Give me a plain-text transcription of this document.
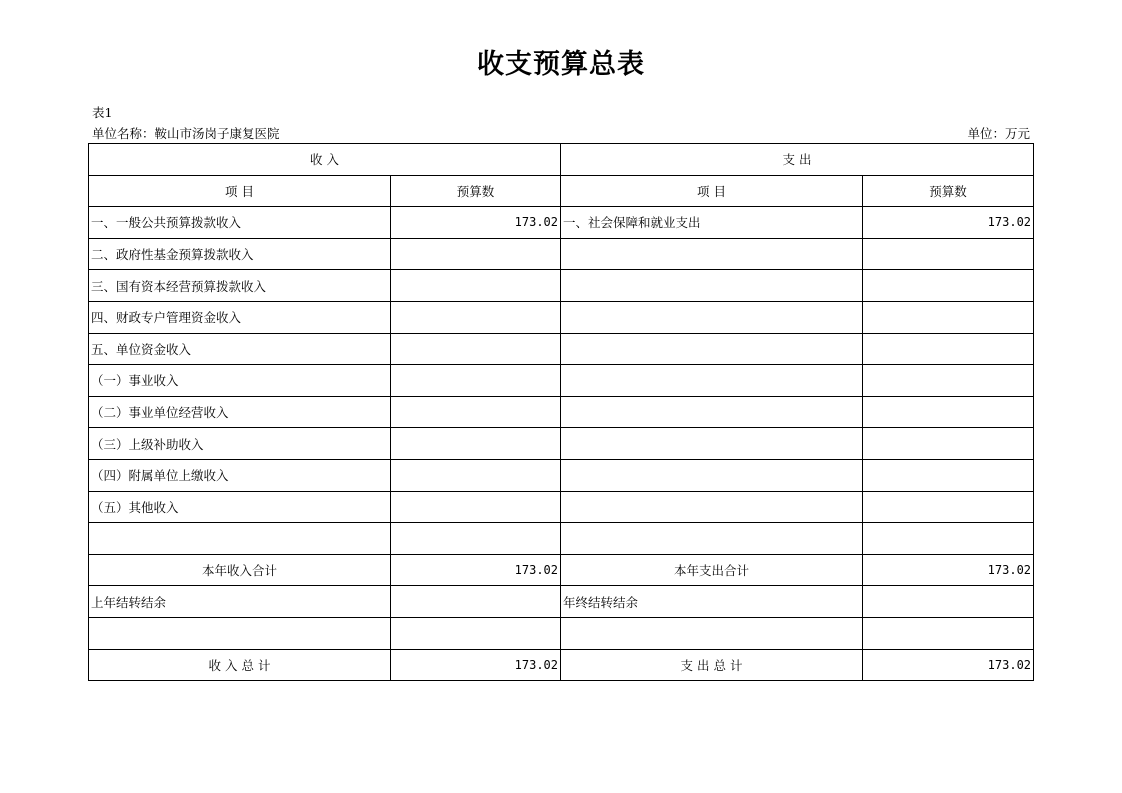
收支预算总表
表1
单位名称：鞍山市汤岗子康复医院	单位：万元
收 入		支 出	
项 目	预算数	项 目	预算数
一、一般公共预算拨款收入	173.02	一、社会保障和就业支出	173.02
二、政府性基金预算拨款收入			
三、国有资本经营预算拨款收入			
四、财政专户管理资金收入			
五、单位资金收入			
（一）事业收入			
（二）事业单位经营收入			
（三）上级补助收入			
（四）附属单位上缴收入			
（五）其他收入			

本年收入合计	173.02	本年支出合计	173.02
上年结转结余		年终结转结余	

收 入 总 计	173.02	支 出 总 计	173.02
